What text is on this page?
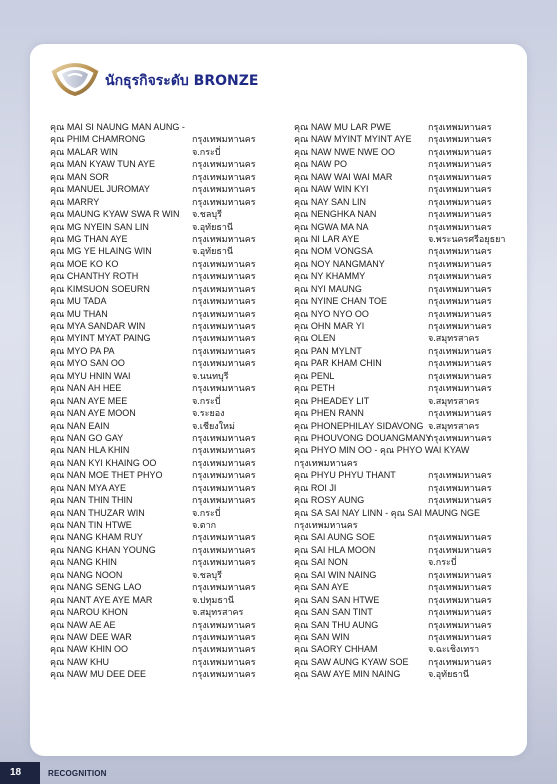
นักธุรกิจระดับ BRONZE
คุณ MAI SI NAUNG MAN AUNG -
คุณ PHIM CHAMRONG	กรุงเทพมหานคร
คุณ MALAR WIN	จ.กระบี่
คุณ MAN KYAW TUN AYE	กรุงเทพมหานคร
คุณ MAN SOR	กรุงเทพมหานคร
คุณ MANUEL JUROMAY	กรุงเทพมหานคร
คุณ MARRY	กรุงเทพมหานคร
คุณ MAUNG KYAW SWA R WIN จ.ชลบุรี
คุณ MG NYEIN SAN LIN	จ.อุทัยธานี
คุณ MG THAN AYE	กรุงเทพมหานคร
คุณ MG YE HLAING WIN	จ.อุทัยธานี
คุณ MOE KO KO	กรุงเทพมหานคร
คุณ CHANTHY ROTH	กรุงเทพมหานคร
คุณ KIMSUON SOEURN	กรุงเทพมหานคร
คุณ MU TADA	กรุงเทพมหานคร
คุณ MU THAN	กรุงเทพมหานคร
คุณ MYA SANDAR WIN	กรุงเทพมหานคร
คุณ MYINT MYAT PAING	กรุงเทพมหานคร
คุณ MYO PA PA	กรุงเทพมหานคร
คุณ MYO SAN OO	กรุงเทพมหานคร
คุณ MYU HNIN WAI	จ.นนทบุรี
คุณ NAN AH HEE	กรุงเทพมหานคร
คุณ NAN AYE MEE	จ.กระบี่
คุณ NAN AYE MOON	จ.ระยอง
คุณ NAN EAIN	จ.เชียงใหม่
คุณ NAN GO GAY	กรุงเทพมหานคร
คุณ NAN HLA KHIN	กรุงเทพมหานคร
คุณ NAN KYI KHAING OO	กรุงเทพมหานคร
คุณ NAN MOE THET PHYO	กรุงเทพมหานคร
คุณ NAN MYA AYE	กรุงเทพมหานคร
คุณ NAN THIN THIN	กรุงเทพมหานคร
คุณ NAN THUZAR WIN	จ.กระบี่
คุณ NAN TIN HTWE	จ.ตาก
คุณ NANG KHAM RUY	กรุงเทพมหานคร
คุณ NANG KHAN YOUNG	กรุงเทพมหานคร
คุณ NANG KHIN	กรุงเทพมหานคร
คุณ NANG NOON	จ.ชลบุรี
คุณ NANG SENG LAO	กรุงเทพมหานคร
คุณ NANT AYE AYE MAR	จ.ปทุมธานี
คุณ NAROU KHON	จ.สมุทรสาคร
คุณ NAW AE AE	กรุงเทพมหานคร
คุณ NAW DEE WAR	กรุงเทพมหานคร
คุณ NAW KHIN OO	กรุงเทพมหานคร
คุณ NAW KHU	กรุงเทพมหานคร
คุณ NAW MU DEE DEE	กรุงเทพมหานคร
คุณ NAW MU LAR PWE	กรุงเทพมหานคร
คุณ NAW MYINT MYINT AYE กรุงเทพมหานคร
คุณ NAW NWE NWE OO	กรุงเทพมหานคร
คุณ NAW PO	กรุงเทพมหานคร
คุณ NAW WAI WAI MAR	กรุงเทพมหานคร
คุณ NAW WIN KYI	กรุงเทพมหานคร
คุณ NAY SAN LIN	กรุงเทพมหานคร
คุณ NENGHKA NAN	กรุงเทพมหานคร
คุณ NGWA MA NA	กรุงเทพมหานคร
คุณ NI LAR AYE	จ.พระนครศรีอยุธยา
คุณ NOM VONGSA	กรุงเทพมหานคร
คุณ NOY NANGMANY	กรุงเทพมหานคร
คุณ NY KHAMMY	กรุงเทพมหานคร
คุณ NYI MAUNG	กรุงเทพมหานคร
คุณ NYINE CHAN TOE	กรุงเทพมหานคร
คุณ NYO NYO OO	กรุงเทพมหานคร
คุณ OHN MAR YI	กรุงเทพมหานคร
คุณ OLEN	จ.สมุทรสาคร
คุณ PAN MYLNT	กรุงเทพมหานคร
คุณ PAR KHAM CHIN	กรุงเทพมหานคร
คุณ PENL	กรุงเทพมหานคร
คุณ PETH	กรุงเทพมหานคร
คุณ PHEADEY LIT	จ.สมุทรสาคร
คุณ PHEN RANN	กรุงเทพมหานคร
คุณ PHONEPHILAY SIDAVONG จ.สมุทรสาคร
คุณ PHOUVONG DOUANGMANY
กรุงเทพมหานคร
คุณ PHYO MIN OO - คุณ PHYO WAI KYAW
กรุงเทพมหานคร
คุณ PHYU PHYU THANT	กรุงเทพมหานคร
คุณ ROI JI	กรุงเทพมหานคร
คุณ ROSY AUNG	กรุงเทพมหานคร
คุณ SA SAI NAY LINN - คุณ SAI MAUNG NGE
กรุงเทพมหานคร
คุณ SAI AUNG SOE	กรุงเทพมหานคร
คุณ SAI HLA MOON	กรุงเทพมหานคร
คุณ SAI NON	จ.กระบี่
คุณ SAI WIN NAING	กรุงเทพมหานคร
คุณ SAN AYE	กรุงเทพมหานคร
คุณ SAN SAN HTWE	กรุงเทพมหานคร
คุณ SAN SAN TINT	กรุงเทพมหานคร
คุณ SAN THU AUNG	กรุงเทพมหานคร
คุณ SAN WIN	กรุงเทพมหานคร
คุณ SAORY CHHAM	จ.ฉะเชิงเทรา
คุณ SAW AUNG KYAW SOE กรุงเทพมหานคร
คุณ SAW AYE MIN NAING	จ.อุทัยธานี
18	RECOGNITION
